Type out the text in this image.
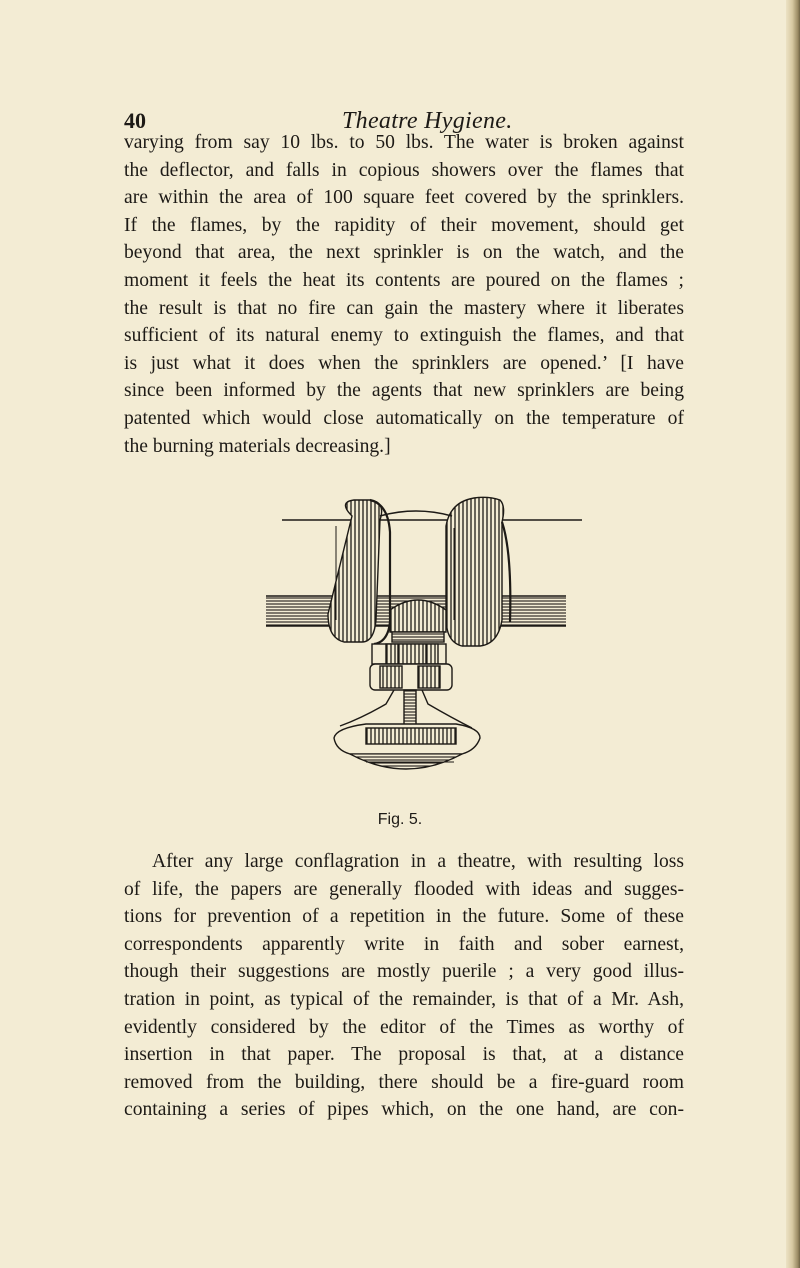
40	Theatre Hygiene.

varying from say 10 lbs. to 50 lbs. The water is broken against
the deflector, and falls in copious showers over the flames that
are within the area of 100 square feet covered by the sprinklers.
If the flames, by the rapidity of their movement, should get
beyond that area, the next sprinkler is on the watch, and the
moment it feels the heat its contents are poured on the flames ;
the result is that no fire can gain the mastery where it liberates
sufficient of its natural enemy to extinguish the flames, and that
is just what it does when the sprinklers are opened.’ [I have
since been informed by the agents that new sprinklers are being
patented which would close automatically on the temperature of
the burning materials decreasing.]

Fig. 5.

After any large conflagration in a theatre, with resulting loss
of life, the papers are generally flooded with ideas and sugges-
tions for prevention of a repetition in the future. Some of these
correspondents apparently write in faith and sober earnest,
though their suggestions are mostly puerile ; a very good illus-
tration in point, as typical of the remainder, is that of a Mr. Ash,
evidently considered by the editor of the Times as worthy of
insertion in that paper. The proposal is that, at a distance
removed from the building, there should be a fire-guard room
containing a series of pipes which, on the one hand, are con-
